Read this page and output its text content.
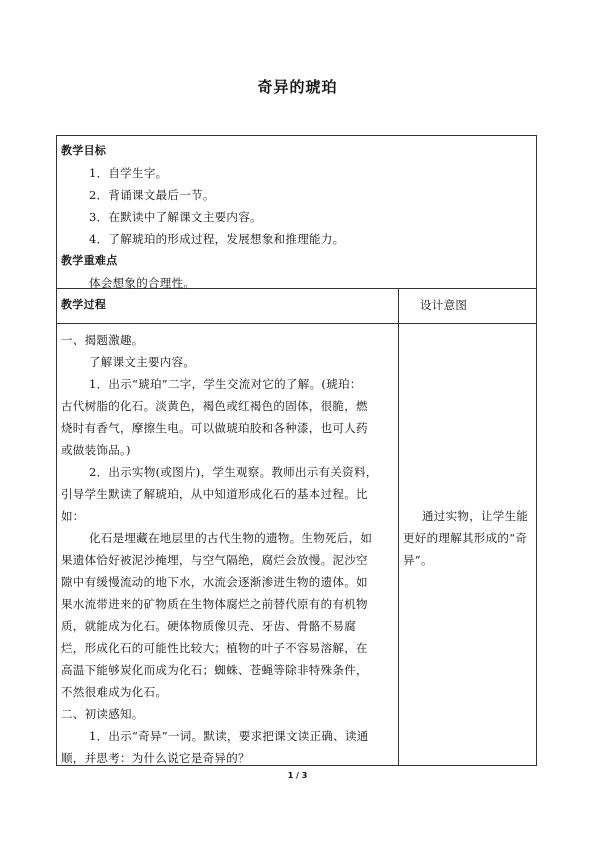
奇异的琥珀
教学目标
1．自学生字。
2．背诵课文最后一节。
3．在默读中了解课文主要内容。
4．了解琥珀的形成过程，发展想象和推理能力。
教学重难点
体会想象的合理性。
教学过程	设计意图
一、揭题激趣。
了解课文主要内容。
1．出示“琥珀”二字，学生交流对它的了解。(琥珀：
古代树脂的化石。淡黄色，褐色或红褐色的固体，很脆，燃
烧时有香气，摩擦生电。可以做琥珀胶和各种漆，也可人药
或做装饰品。)
2．出示实物(或图片)，学生观察。教师出示有关资料，
引导学生默读了解琥珀，从中知道形成化石的基本过程。比
如：
化石是埋藏在地层里的古代生物的遗物。生物死后，如
果遗体恰好被泥沙掩埋，与空气隔绝，腐烂会放慢。泥沙空
隙中有缓慢流动的地下水，水流会逐渐渗进生物的遗体。如
果水流带进来的矿物质在生物体腐烂之前替代原有的有机物
质，就能成为化石。硬体物质像贝壳、牙齿、骨骼不易腐
烂，形成化石的可能性比较大；植物的叶子不容易溶解，在
高温下能够炭化而成为化石；蜘蛛、苍蝇等除非特殊条件，
不然很难成为化石。
二、初读感知。
1．出示“奇异”一词。默读，要求把课文读正确、读通
顺，并思考：为什么说它是奇异的？
通过实物，让学生能
更好的理解其形成的“奇
异”。
1 / 3
